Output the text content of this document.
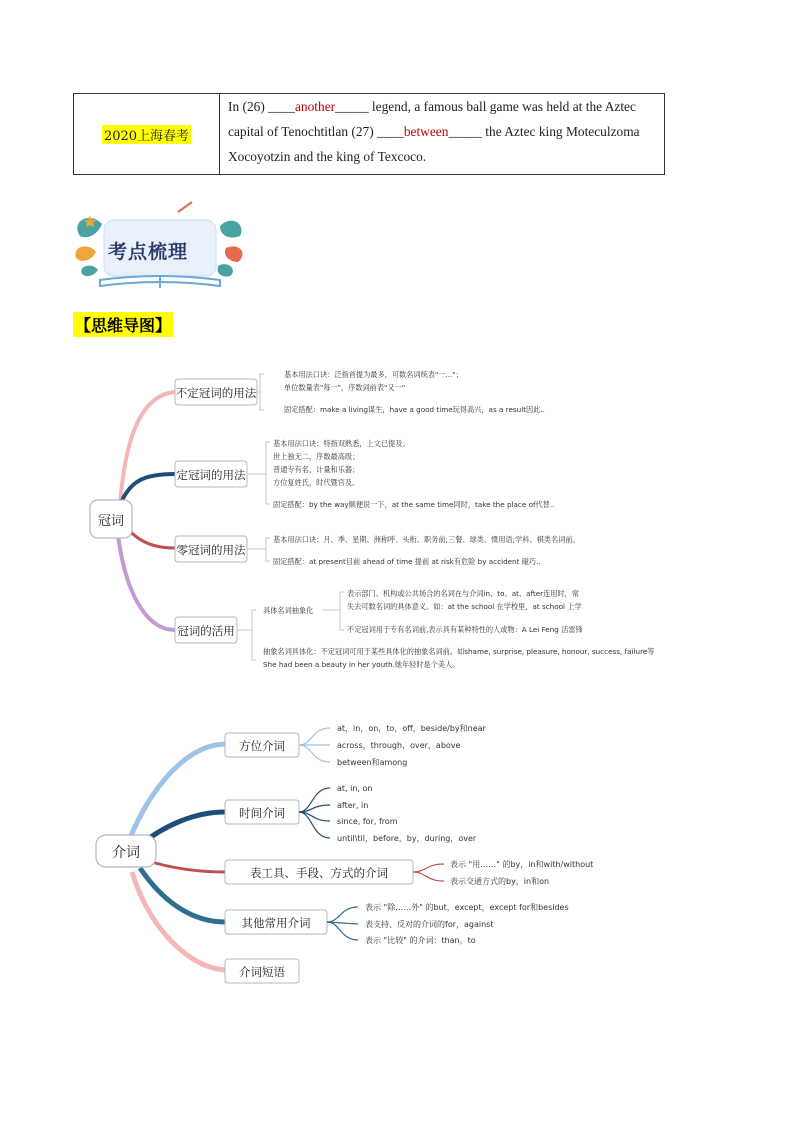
2020上海春考
In (26) ____another_____ legend, a famous ball game was held at the Aztec
capital of Tenochtitlan (27) ____between_____ the Aztec king Moteculzoma
Xocoyotzin and the king of Texcoco.
考点梳理
【思维导图】
冠词
不定冠词的用法
定冠词的用法
零冠词的用法
冠词的活用
基本用法口诀：泛指首提为最多，可数名词统表"一..."；
单位数量表"每一"，序数词前表"又一"
固定搭配：make a living谋生，have a good time玩得高兴，as a result因此..
基本用法口诀：特指双熟悉，上文已提及；
世上独无二，序数最高级；
普通专有名，计量和乐器；
方位复姓氏，时代暨官及。
固定搭配：by the way顺便说一下，at the same time同时，take the place of代替..
基本用法口诀：月、季、星期、洲称呼、头衔、职务前;三餐、球类、惯用语;学科、棋类名词前。
固定搭配：at present目前 ahead of time 提前 at risk有危险 by accident 碰巧..
具体名词抽象化
表示部门、机构或公共场合的名词在与介词in、to、at、after连用时，常
失去可数名词的具体意义。如：at the school 在学校里，at school 上学
不定冠词用于专有名词前,表示具有某种特性的人或物：A Lei Feng 活雷锋
抽象名词具体化：不定冠词可用于某些具体化的抽象名词前。如shame, surprise, pleasure, honour, success, failure等
She had been a beauty in her youth.她年轻时是个美人。
介词
方位介词
时间介词
表工具、手段、方式的介词
其他常用介词
介词短语
at，in，on，to，off，beside/by和near
across，through，over，above
between和among
at, in, on
after, in
since, for, from
until\til，before，by，during，over
表示 "用……" 的by，in和with/without
表示交通方式的by，in和on
表示 "除……外" 的but，except，except for和besides
表支持、反对的介词的for，against
表示 "比较" 的介词：than，to
